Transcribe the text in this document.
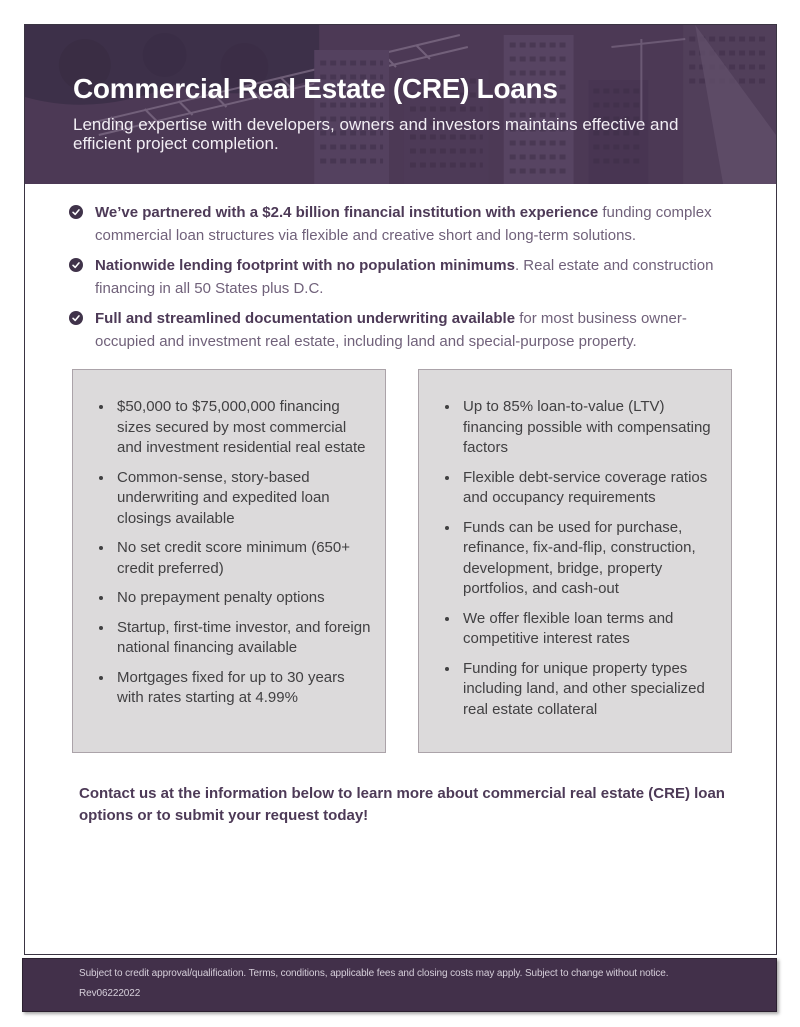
Commercial Real Estate (CRE) Loans

Lending expertise with developers, owners and investors maintains effective and efficient project completion.

We’ve partnered with a $2.4 billion financial institution with experience funding complex commercial loan structures via flexible and creative short and long-term solutions.

Nationwide lending footprint with no population minimums. Real estate and construction financing in all 50 States plus D.C.

Full and streamlined documentation underwriting available for most business owner-occupied and investment real estate, including land and special-purpose property.

• $50,000 to $75,000,000 financing sizes secured by most commercial and investment residential real estate
• Common-sense, story-based underwriting and expedited loan closings available
• No set credit score minimum (650+ credit preferred)
• No prepayment penalty options
• Startup, first-time investor, and foreign national financing available
• Mortgages fixed for up to 30 years with rates starting at 4.99%
• Up to 85% loan-to-value (LTV) financing possible with compensating factors
• Flexible debt-service coverage ratios and occupancy requirements
• Funds can be used for purchase, refinance, fix-and-flip, construction, development, bridge, property portfolios, and cash-out
• We offer flexible loan terms and competitive interest rates
• Funding for unique property types including land, and other specialized real estate collateral

Contact us at the information below to learn more about commercial real estate (CRE) loan options or to submit your request today!

Subject to credit approval/qualification. Terms, conditions, applicable fees and closing costs may apply. Subject to change without notice.

Rev06222022
